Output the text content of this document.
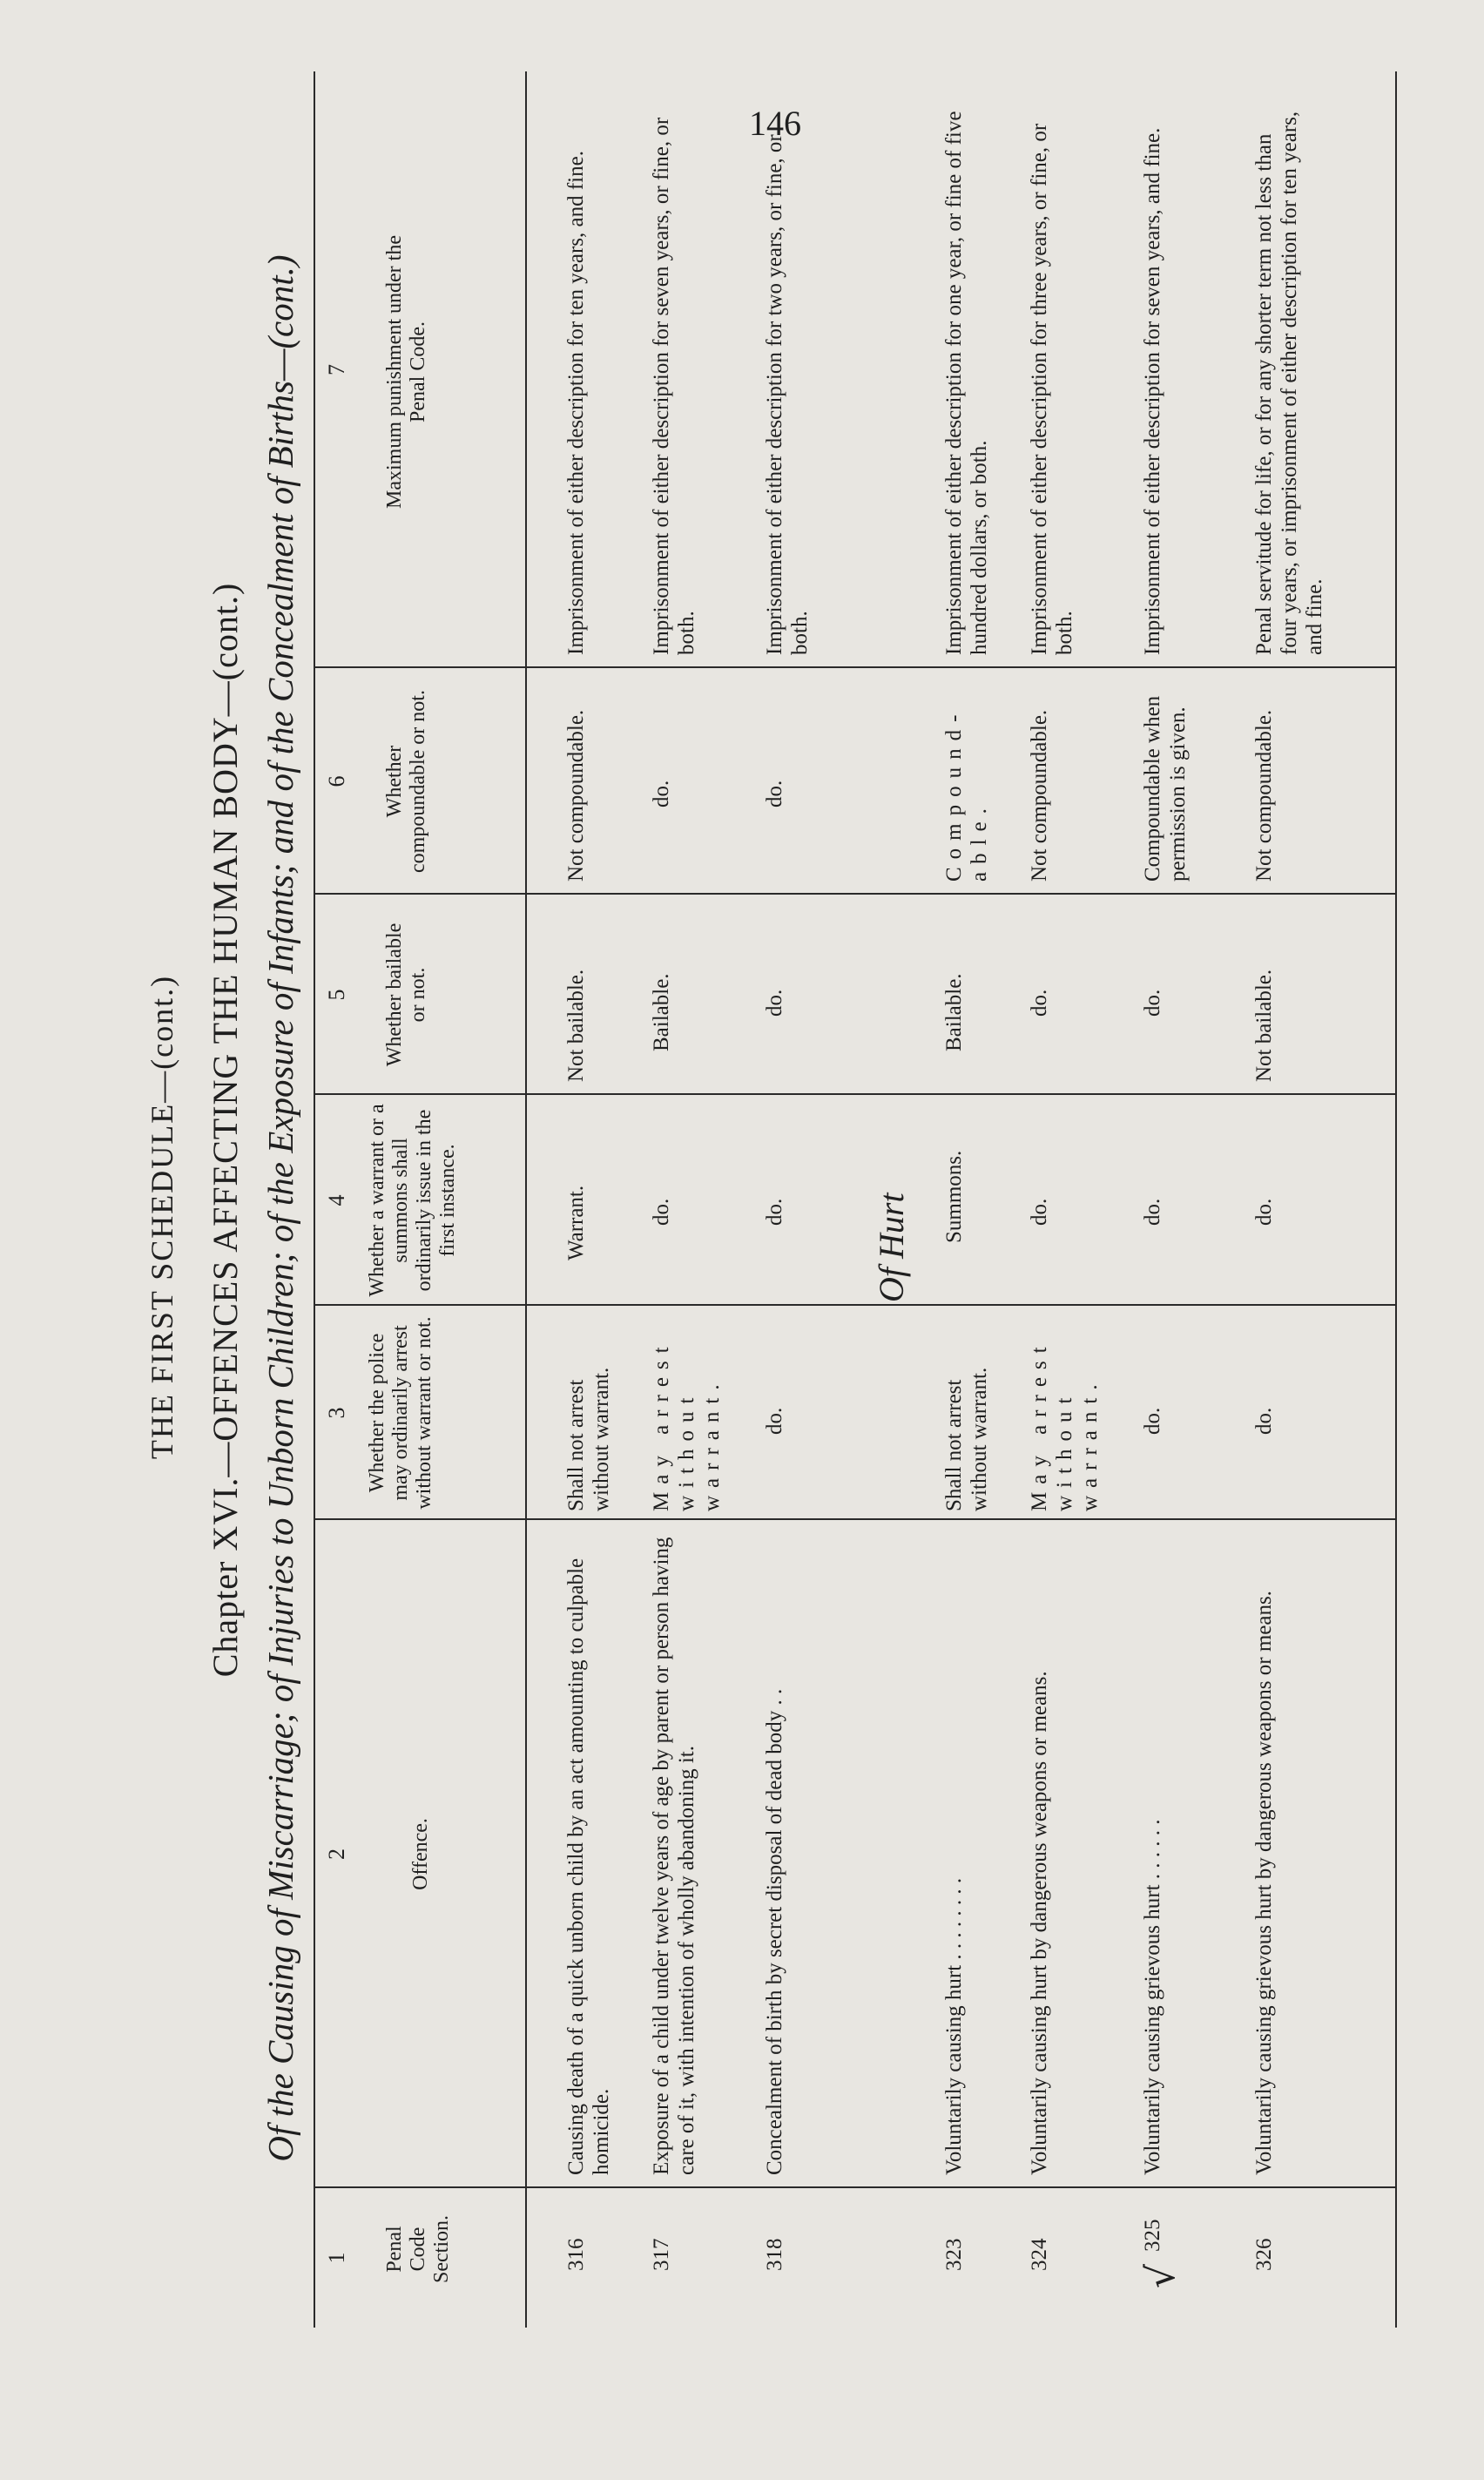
146
THE FIRST SCHEDULE—(cont.) Chapter XVI.—OFFENCES AFFECTING THE HUMAN BODY—(cont.) Of the Causing of Miscarriage; of Injuries to Unborn Children; of the Exposure of Infants; and of the Concealment of Births—(cont.)
1
2
3
4
5
6
7
Penal Code Section.
Offence.
Whether the police may ordinarily arrest without warrant or not.
Whether a warrant or a summons shall ordinarily issue in the first instance.
Whether bailable or not.
Whether compoundable or not.
Maximum punishment under the Penal Code.
Of Hurt
√
316
Causing death of a quick unborn child by an act amounting to culpable homicide.
Shall not arrest without warrant.
Warrant.
Not bailable.
Not compoundable.
Imprisonment of either description for ten years, and fine.
317
Exposure of a child under twelve years of age by parent or person having care of it, with intention of wholly abandoning it.
May arrest without warrant.
do.
Bailable.
do.
Imprisonment of either description for seven years, or fine, or both.
318
Concealment of birth by secret disposal of dead body . .
do.
do.
do.
do.
Imprisonment of either description for two years, or fine, or both.
323
Voluntarily causing hurt . . . . . . . .
Shall not arrest without warrant.
Summons.
Bailable.
Compoundable.
Imprisonment of either description for one year, or fine of five hundred dollars, or both.
324
Voluntarily causing hurt by dangerous weapons or means.
May arrest without warrant.
do.
do.
Not compoundable.
Imprisonment of either description for three years, or fine, or both.
325
Voluntarily causing grievous hurt . . . . . .
do.
do.
do.
Compoundable when permission is given.
Imprisonment of either description for seven years, and fine.
326
Voluntarily causing grievous hurt by dangerous weapons or means.
do.
do.
Not bailable.
Not compoundable.
Penal servitude for life, or for any shorter term not less than four years, or imprisonment of either description for ten years, and fine.
